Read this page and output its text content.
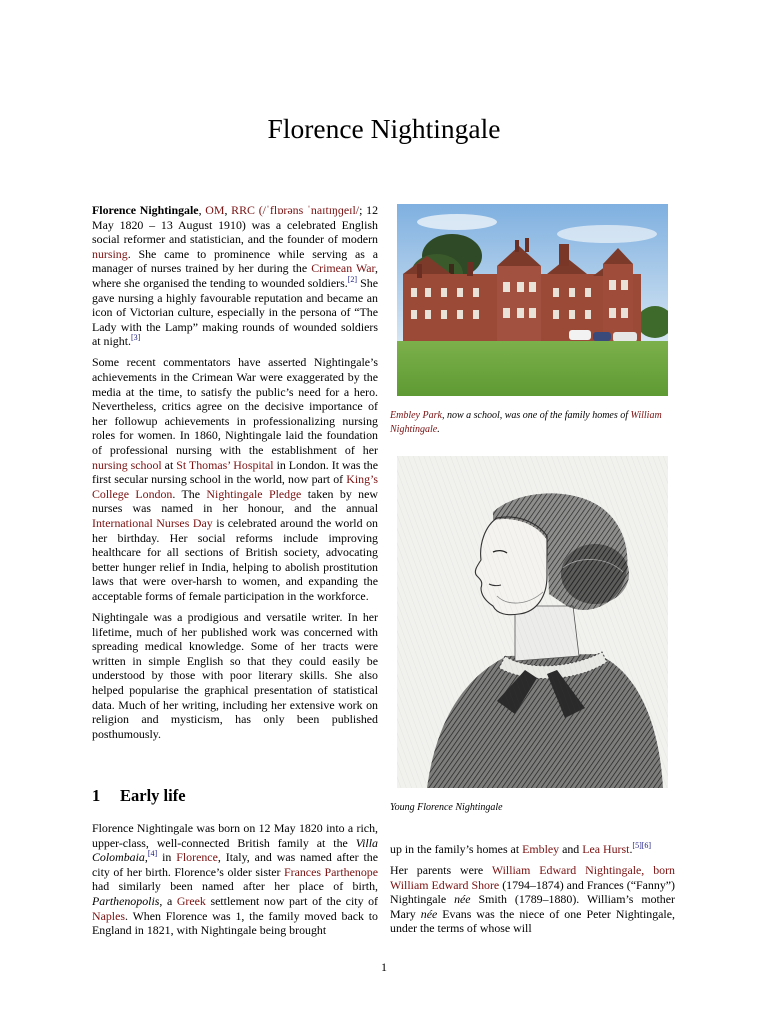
Florence Nightingale

Florence Nightingale, OM, RRC (/ˈflɒrəns ˈnaɪtɪŋɡeɪl/; 12 May 1820 – 13 August 1910) was a celebrated English social reformer and statistician, and the founder of modern nursing. She came to prominence while serving as a manager of nurses trained by her during the Crimean War, where she organised the tending to wounded soldiers.[2] She gave nursing a highly favourable reputation and became an icon of Victorian culture, especially in the persona of “The Lady with the Lamp” making rounds of wounded soldiers at night.[3]

Some recent commentators have asserted Nightingale’s achievements in the Crimean War were exaggerated by the media at the time, to satisfy the public’s need for a hero. Nevertheless, critics agree on the decisive importance of her followup achievements in professionalizing nursing roles for women. In 1860, Nightingale laid the foundation of professional nursing with the establishment of her nursing school at St Thomas’ Hospital in London. It was the first secular nursing school in the world, now part of King’s College London. The Nightingale Pledge taken by new nurses was named in her honour, and the annual International Nurses Day is celebrated around the world on her birthday. Her social reforms include improving healthcare for all sections of British society, advocating better hunger relief in India, helping to abolish prostitution laws that were over-harsh to women, and expanding the acceptable forms of female participation in the workforce.

Nightingale was a prodigious and versatile writer. In her lifetime, much of her published work was concerned with spreading medical knowledge. Some of her tracts were written in simple English so that they could easily be understood by those with poor literary skills. She also helped popularise the graphical presentation of statistical data. Much of her writing, including her extensive work on religion and mysticism, has only been published posthumously.

1 Early life

Florence Nightingale was born on 12 May 1820 into a rich, upper-class, well-connected British family at the Villa Colombaia,[4] in Florence, Italy, and was named after the city of her birth. Florence’s older sister Frances Parthenope had similarly been named after her place of birth, Parthenopolis, a Greek settlement now part of the city of Naples. When Florence was 1, the family moved back to England in 1821, with Nightingale being brought

Embley Park, now a school, was one of the family homes of William Nightingale.
Young Florence Nightingale

up in the family’s homes at Embley and Lea Hurst.[5][6]

Her parents were William Edward Nightingale, born William Edward Shore (1794–1874) and Frances (“Fanny”) Nightingale née Smith (1789–1880). William’s mother Mary née Evans was the niece of one Peter Nightingale, under the terms of whose will

1
